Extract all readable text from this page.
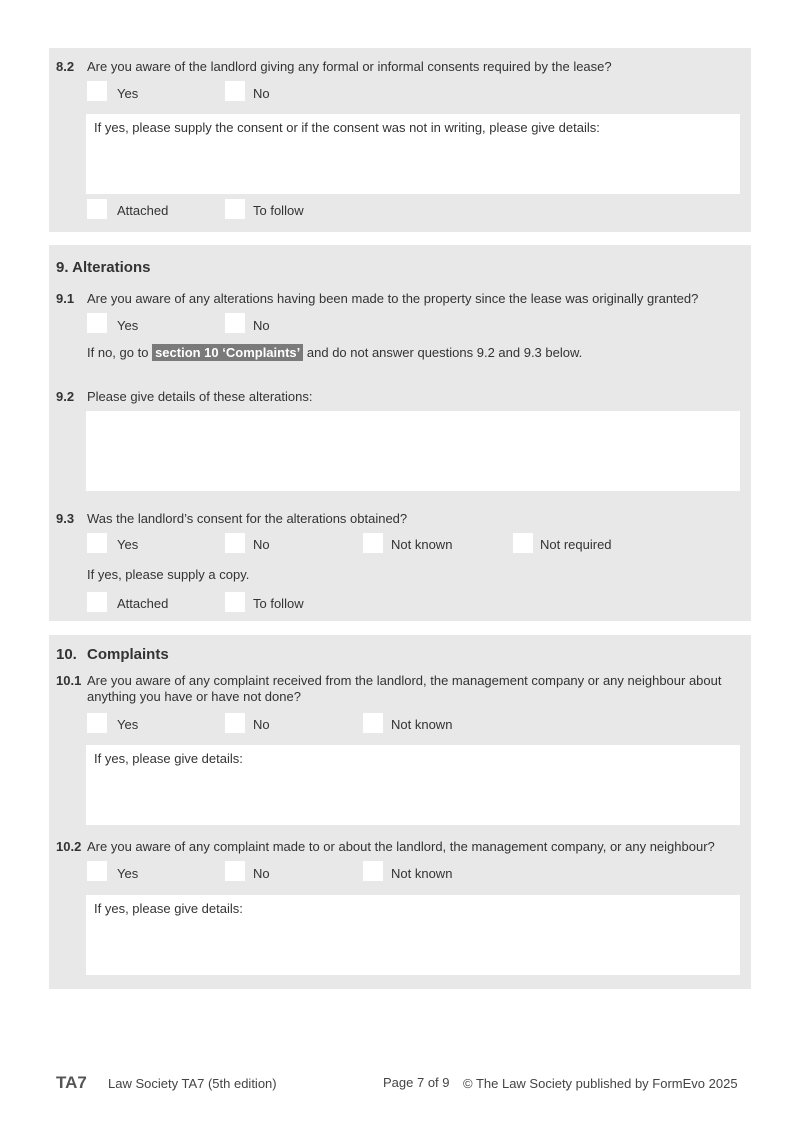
8.2 Are you aware of the landlord giving any formal or informal consents required by the lease?
Yes	No
If yes, please supply the consent or if the consent was not in writing, please give details:
Attached	To follow
9. Alterations
9.1 Are you aware of any alterations having been made to the property since the lease was originally granted?
Yes	No
If no, go to section 10 ‘Complaints’ and do not answer questions 9.2 and 9.3 below.
9.2 Please give details of these alterations:
9.3 Was the landlord’s consent for the alterations obtained?
Yes	No	Not known	Not required
If yes, please supply a copy.
Attached	To follow
10. Complaints
10.1 Are you aware of any complaint received from the landlord, the management company or any neighbour about
anything you have or have not done?
Yes	No	Not known
If yes, please give details:
10.2 Are you aware of any complaint made to or about the landlord, the management company, or any neighbour?
Yes	No	Not known
If yes, please give details:
TA7 Law Society TA7 (5th edition)	Page 7 of 9 © The Law Society published by FormEvo 2025
